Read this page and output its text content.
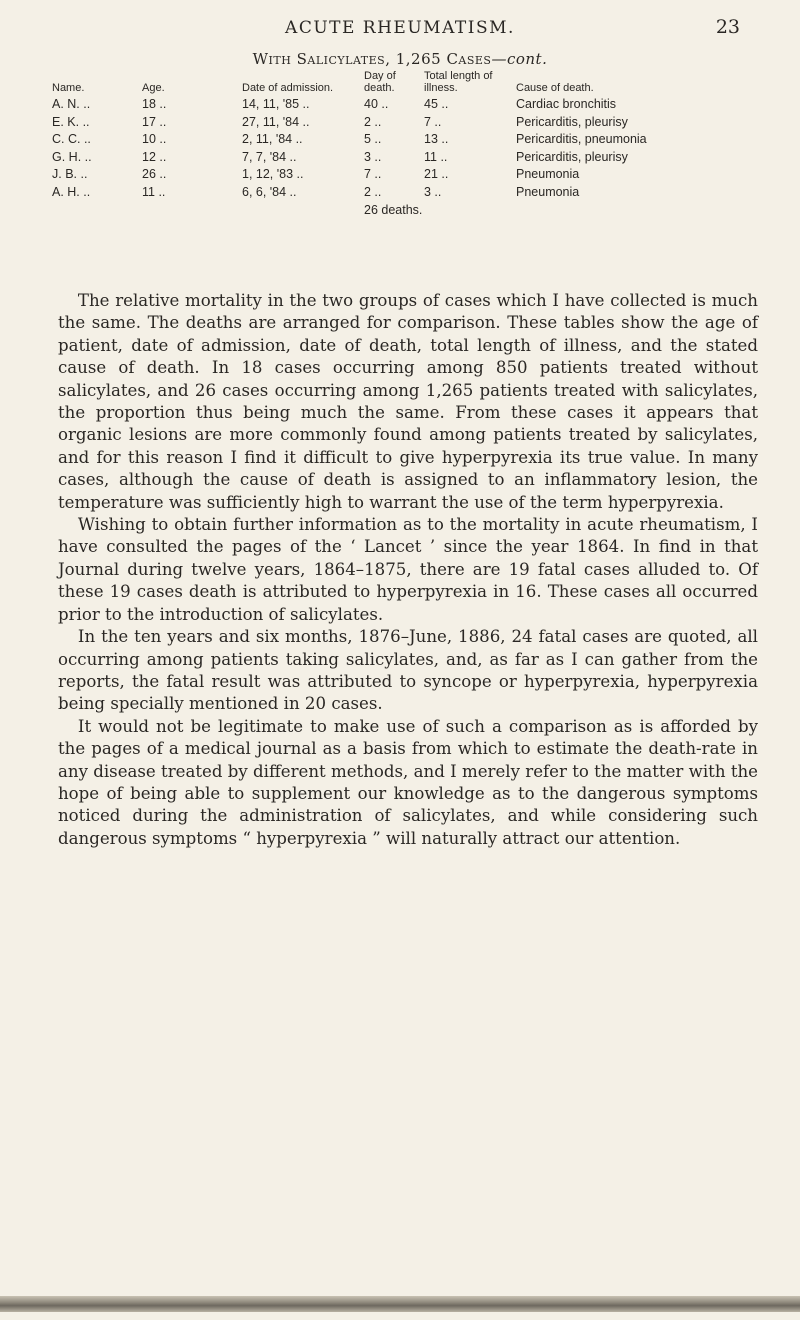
ACUTE RHEUMATISM.	23
With Salicylates, 1,265 Cases—cont.
Name.	Age.	Date of admission.	Day of death.	Total length of illness.	Cause of death.
A. N. ..	18 ..	14, 11, '85 ..	40 ..	45 ..	Cardiac bronchitis
E. K. ..	17 ..	27, 11, '84 ..	2 ..	7 ..	Pericarditis, pleurisy
C. C. ..	10 ..	2, 11, '84 ..	5 ..	13 ..	Pericarditis, pneumonia
G. H. ..	12 ..	7, 7, '84 ..	3 ..	11 ..	Pericarditis, pleurisy
J. B. ..	26 ..	1, 12, '83 ..	7 ..	21 ..	Pneumonia
A. H. ..	11 ..	6, 6, '84 ..	2 ..	3 ..	Pneumonia
			26 deaths.		

The relative mortality in the two groups of cases which I have collected is much the same. The deaths are arranged for comparison. These tables show the age of patient, date of admission, date of death, total length of illness, and the stated cause of death. In 18 cases occurring among 850 patients treated without salicylates, and 26 cases occurring among 1,265 patients treated with salicylates, the proportion thus being much the same. From these cases it appears that organic lesions are more commonly found among patients treated by salicylates, and for this reason I find it difficult to give hyperpyrexia its true value. In many cases, although the cause of death is assigned to an inflammatory lesion, the temperature was sufficiently high to warrant the use of the term hyperpyrexia.

Wishing to obtain further information as to the mortality in acute rheumatism, I have consulted the pages of the ‘ Lancet ’ since the year 1864. In find in that Journal during twelve years, 1864–1875, there are 19 fatal cases alluded to. Of these 19 cases death is attributed to hyperpyrexia in 16. These cases all occurred prior to the introduction of salicylates.

In the ten years and six months, 1876–June, 1886, 24 fatal cases are quoted, all occurring among patients taking salicylates, and, as far as I can gather from the reports, the fatal result was attributed to syncope or hyperpyrexia, hyperpyrexia being specially mentioned in 20 cases.

It would not be legitimate to make use of such a comparison as is afforded by the pages of a medical journal as a basis from which to estimate the death-rate in any disease treated by different methods, and I merely refer to the matter with the hope of being able to supplement our knowledge as to the dangerous symptoms noticed during the administration of salicylates, and while considering such dangerous symptoms “ hyperpyrexia ” will naturally attract our attention.
